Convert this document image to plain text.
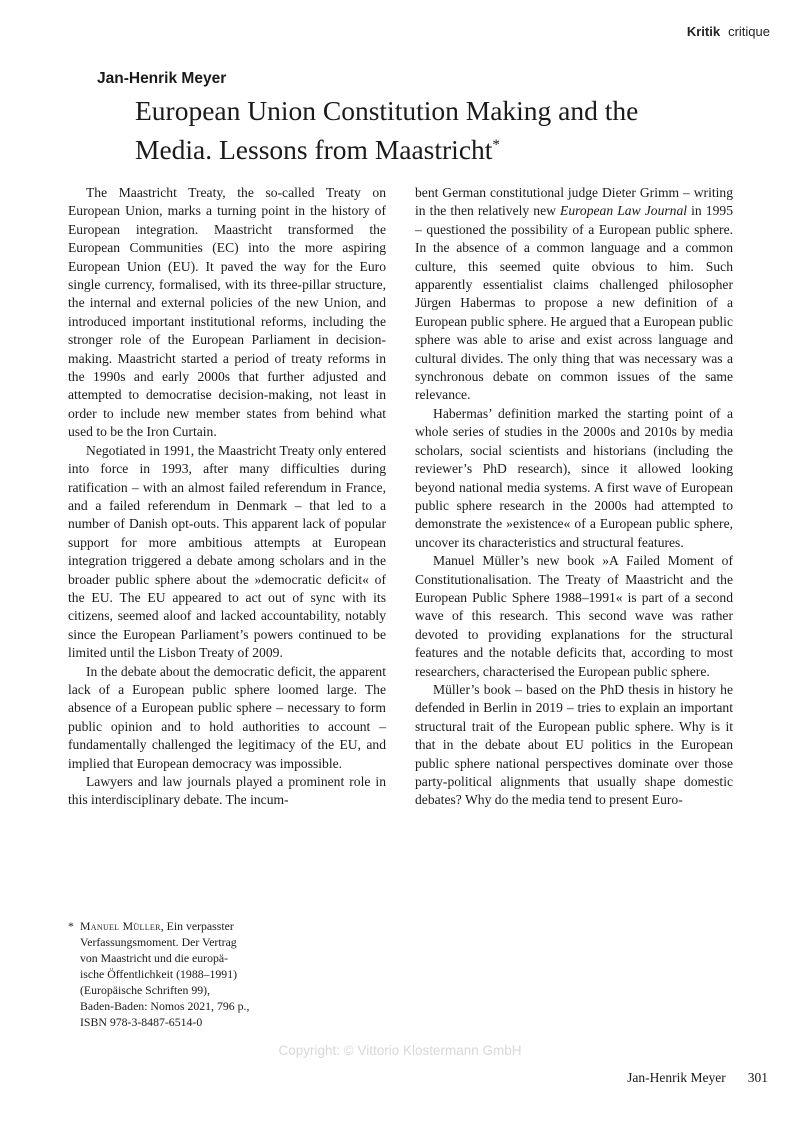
Kritik critique
Jan-Henrik Meyer
European Union Constitution Making and the
Media. Lessons from Maastricht*

The Maastricht Treaty, the so-called Treaty on European Union, marks a turning point in the history of European integration. Maastricht transformed the European Communities (EC) into the more aspiring European Union (EU). It paved the way for the Euro single currency, formalised, with its three-pillar structure, the internal and external policies of the new Union, and introduced important institutional reforms, including the stronger role of the European Parliament in decision-making. Maastricht started a period of treaty reforms in the 1990s and early 2000s that further adjusted and attempted to democratise decision-making, not least in order to include new member states from behind what used to be the Iron Curtain.

Negotiated in 1991, the Maastricht Treaty only entered into force in 1993, after many difficulties during ratification – with an almost failed referendum in France, and a failed referendum in Denmark – that led to a number of Danish opt-outs. This apparent lack of popular support for more ambitious attempts at European integration triggered a debate among scholars and in the broader public sphere about the »democratic deficit« of the EU. The EU appeared to act out of sync with its citizens, seemed aloof and lacked accountability, notably since the European Parliament’s powers continued to be limited until the Lisbon Treaty of 2009.

In the debate about the democratic deficit, the apparent lack of a European public sphere loomed large. The absence of a European public sphere – necessary to form public opinion and to hold authorities to account – fundamentally challenged the legitimacy of the EU, and implied that European democracy was impossible.

Lawyers and law journals played a prominent role in this interdisciplinary debate. The incum-

bent German constitutional judge Dieter Grimm – writing in the then relatively new European Law Journal in 1995 – questioned the possibility of a European public sphere. In the absence of a common language and a common culture, this seemed quite obvious to him. Such apparently essentialist claims challenged philosopher Jürgen Habermas to propose a new definition of a European public sphere. He argued that a European public sphere was able to arise and exist across language and cultural divides. The only thing that was necessary was a synchronous debate on common issues of the same relevance.

Habermas’ definition marked the starting point of a whole series of studies in the 2000s and 2010s by media scholars, social scientists and historians (including the reviewer’s PhD research), since it allowed looking beyond national media systems. A first wave of European public sphere research in the 2000s had attempted to demonstrate the »existence« of a European public sphere, uncover its characteristics and structural features.

Manuel Müller’s new book »A Failed Moment of Constitutionalisation. The Treaty of Maastricht and the European Public Sphere 1988–1991« is part of a second wave of this research. This second wave was rather devoted to providing explanations for the structural features and the notable deficits that, according to most researchers, characterised the European public sphere.

Müller’s book – based on the PhD thesis in history he defended in Berlin in 2019 – tries to explain an important structural trait of the European public sphere. Why is it that in the debate about EU politics in the European public sphere national perspectives dominate over those party-political alignments that usually shape domestic debates? Why do the media tend to present Euro-

* Manuel Müller, Ein verpasster
Verfassungsmoment. Der Vertrag
von Maastricht und die europä-
ische Öffentlichkeit (1988–1991)
(Europäische Schriften 99),
Baden-Baden: Nomos 2021, 796 p.,
ISBN 978-3-8487-6514-0
Copyright: © Vittorio Klostermann GmbH
Jan-Henrik Meyer 301
